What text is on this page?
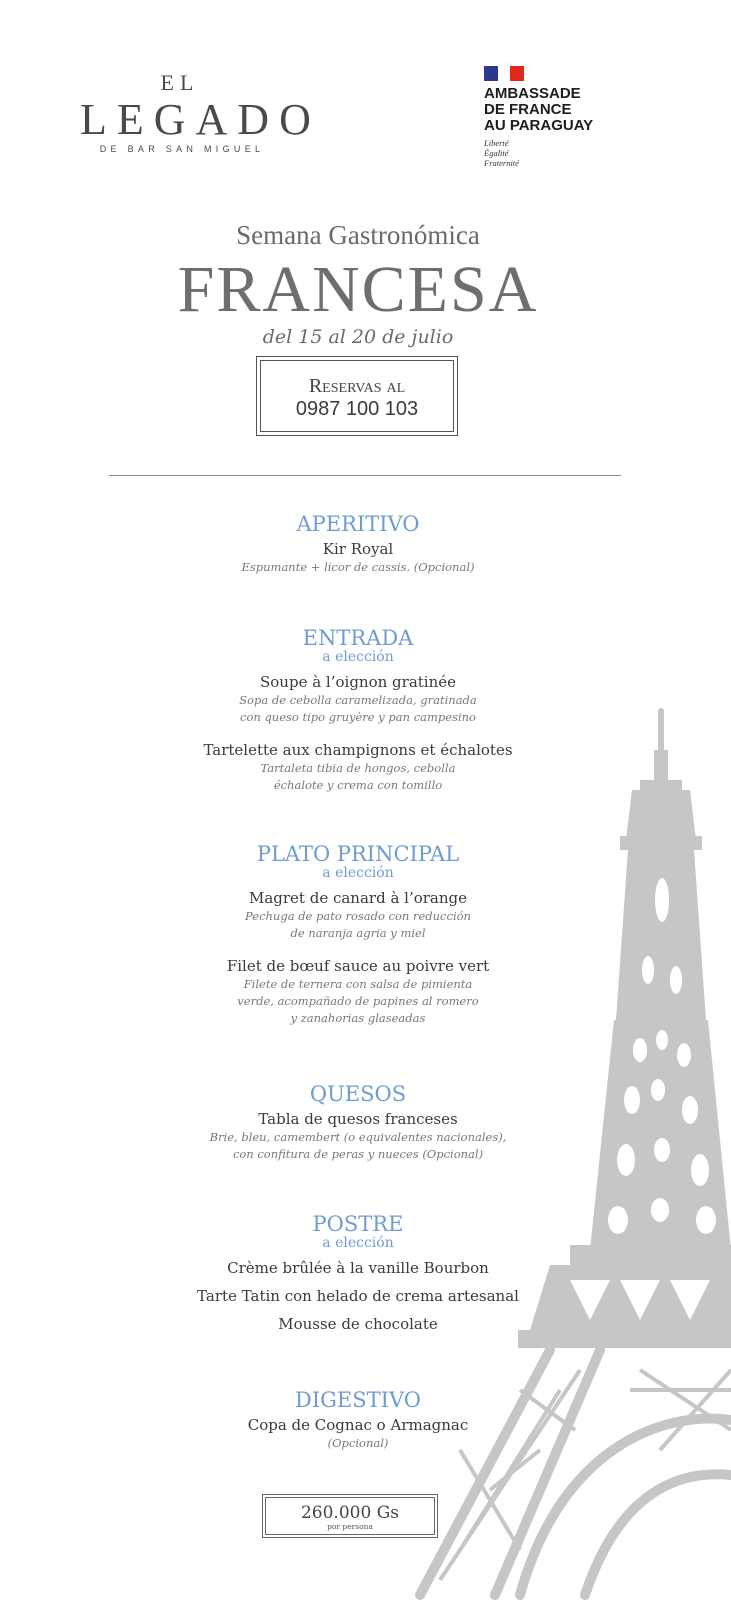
EL
LEGADO
DE BAR SAN MIGUEL
AMBASSADE
DE FRANCE
AU PARAGUAY
Liberté
Égalité
Fraternité
Semana Gastronómica
FRANCESA
del 15 al 20 de julio
Reservas al
0987 100 103
APERITIVO
Kir Royal
Espumante + licor de cassis. (Opcional)
ENTRADA
a elección
Soupe à l’oignon gratinée
Sopa de cebolla caramelizada, gratinada
con queso tipo gruyère y pan campesino
Tartelette aux champignons et échalotes
Tartaleta tibia de hongos, cebolla
échalote y crema con tomillo
PLATO PRINCIPAL
a elección
Magret de canard à l’orange
Pechuga de pato rosado con reducción
de naranja agria y miel
Filet de bœuf sauce au poivre vert
Filete de ternera con salsa de pimienta
verde, acompañado de papines al romero
y zanahorias glaseadas
QUESOS
Tabla de quesos franceses
Brie, bleu, camembert (o equivalentes nacionales),
con confitura de peras y nueces (Opcional)
POSTRE
a elección
Crème brûlée à la vanille Bourbon
Tarte Tatin con helado de crema artesanal
Mousse de chocolate
DIGESTIVO
Copa de Cognac o Armagnac
(Opcional)
260.000 Gs
por persona
